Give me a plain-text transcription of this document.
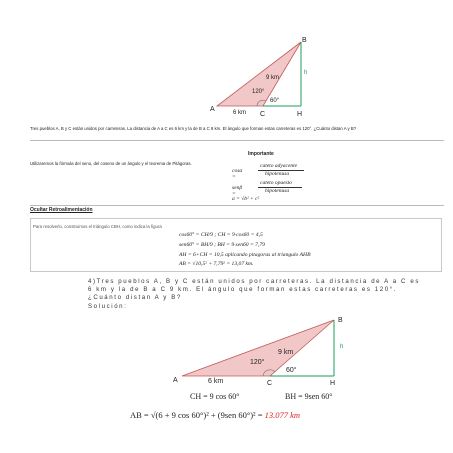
A
B
C	H
h
9 km
6 km
120°
60°
Tres pueblos A, B y C están unidos por carreteras. La distancia de A a C es 6 km y la de B a C 9 km. El ángulo que forman estas carreteras es 120°. ¿Cuánto distan A y B?
Importante
Utilizaremos la fórmula del seno, del coseno de un ángulo y el teorema de Pitágoras.
cosα =
cateto adyacente
hipotenusa
senβ =
cateto opuesto
hipotenusa
a = √b² + c²
Ocultar Retroalimentación
Para resolverlo, construimos el triángulo CBH, como indica la figura
cos60° = CH/9 ; CH = 9·cos60 = 4,5
sen60° = BH/9 ; BH = 9·sen60 = 7,79
AH = 6+CH = 10,5 aplicando pitagoras al triangulo AHB
AB = √10,5² + 7,79² = 13,07 km.
4)Tres pueblos A, B y C están unidos por carreteras. La distancia de A a C es 6 km y la de B a C 9 km. El ángulo que forman estas carreteras es 120°. ¿Cuánto distan A y B?
Solución:
A
B
C	H
h
9 km
6 km
120°
60°
CH = 9 cos 60°	BH = 9sen 60°
AB = √(6 + 9 cos 60°)² + (9sen 60°)² = 13.077 km
